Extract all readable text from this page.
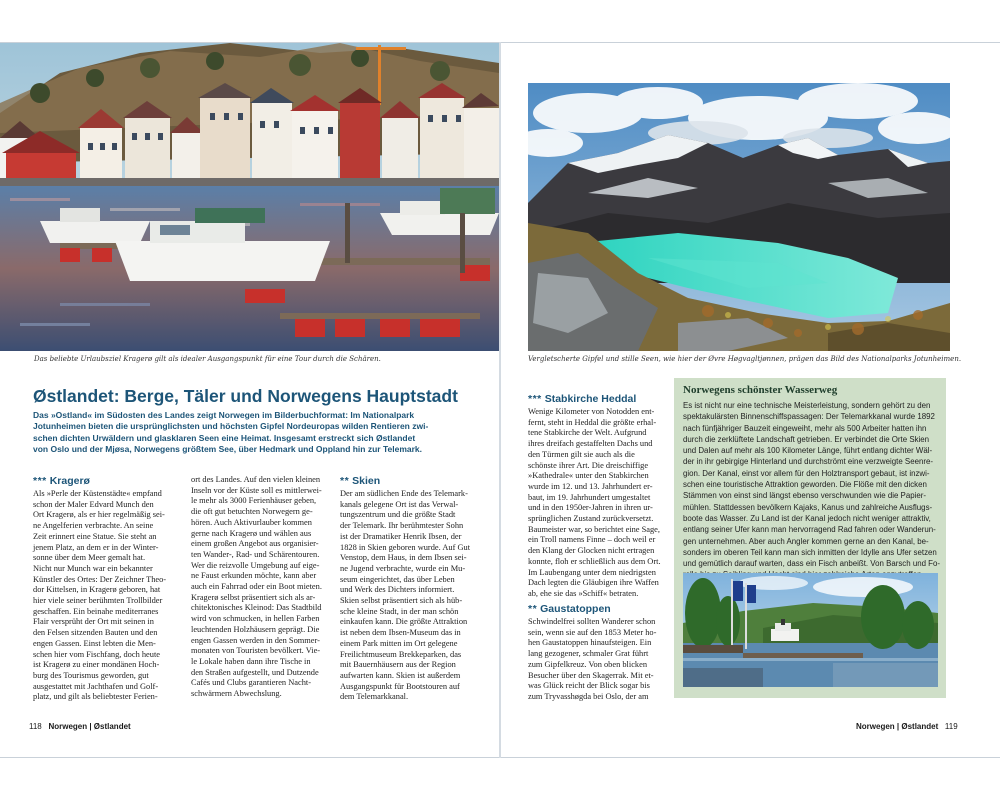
Das beliebte Urlaubsziel Kragerø gilt als idealer Ausgangspunkt für eine Tour durch die Schären.
Østlandet: Berge, Täler und Norwegens Hauptstadt
Das »Ostland« im Südosten des Landes zeigt Norwegen im Bilderbuchformat: Im Nationalpark
Jotunheimen bieten die ursprünglichsten und höchsten Gipfel Nordeuropas wilden Rentieren zwi-
schen dichten Urwäldern und glasklaren Seen eine Heimat. Insgesamt erstreckt sich Østlandet
von Oslo und der Mjøsa, Norwegens größtem See, über Hedmark und Oppland hin zur Telemark.
*** Kragerø
Als »Perle der Küstenstädte« empfand
schon der Maler Edvard Munch den
Ort Kragerø, als er hier regelmäßig sei-
ne Angelferien verbrachte. An seine
Zeit erinnert eine Statue. Sie steht an
jenem Platz, an dem er in der Winter-
sonne über dem Meer gemalt hat.
Nicht nur Munch war ein bekannter
Künstler des Ortes: Der Zeichner Theo-
dor Kittelsen, in Kragerø geboren, hat
hier viele seiner berühmten Trollbilder
geschaffen. Ein beinahe mediterranes
Flair versprüht der Ort mit seinen in
den Felsen sitzenden Bauten und den
engen Gassen. Einst lebten die Men-
schen hier vom Fischfang, doch heute
ist Kragerø zu einer mondänen Hoch-
burg des Tourismus geworden, gut
ausgestattet mit Jachthafen und Golf-
platz, und gilt als beliebtester Ferien-
ort des Landes. Auf den vielen kleinen
Inseln vor der Küste soll es mittlerwei-
le mehr als 3000 Ferienhäuser geben,
die oft gut betuchten Norwegern ge-
hören. Auch Aktivurlauber kommen
gerne nach Kragerø und wählen aus
einem großen Angebot aus organisier-
ten Wander-, Rad- und Schärentouren.
Wer die reizvolle Umgebung auf eige-
ne Faust erkunden möchte, kann aber
auch ein Fahrrad oder ein Boot mieten.
Kragerø selbst präsentiert sich als ar-
chitektonisches Kleinod: Das Stadtbild
wird von schmucken, in hellen Farben
leuchtenden Holzhäusern geprägt. Die
engen Gassen werden in den Sommer-
monaten von Touristen bevölkert. Vie-
le Lokale haben dann ihre Tische in
den Straßen aufgestellt, und Dutzende
Cafés und Clubs garantieren Nacht-
schwärmern Abwechslung.
** Skien
Der am südlichen Ende des Telemark-
kanals gelegene Ort ist das Verwal-
tungszentrum und die größte Stadt
der Telemark. Ihr berühmtester Sohn
ist der Dramatiker Henrik Ibsen, der
1828 in Skien geboren wurde. Auf Gut
Venstop, dem Haus, in dem Ibsen sei-
ne Jugend verbrachte, wurde ein Mu-
seum eingerichtet, das über Leben
und Werk des Dichters informiert.
Skien selbst präsentiert sich als hüb-
sche kleine Stadt, in der man schön
einkaufen kann. Die größte Attraktion
ist neben dem Ibsen-Museum das in
einem Park mitten im Ort gelegene
Freilichtmuseum Brekkeparken, das
mit Bauernhäusern aus der Region
aufwarten kann. Skien ist außerdem
Ausgangspunkt für Bootstouren auf
dem Telemarkkanal.
118 Norwegen | Østlandet
Vergletscherte Gipfel und stille Seen, wie hier der Øvre Høgvagltjønnen, prägen das Bild des Nationalparks Jotunheimen.
*** Stabkirche Heddal
Wenige Kilometer von Notodden ent-
fernt, steht in Heddal die größte erhal-
tene Stabkirche der Welt. Aufgrund
ihres dreifach gestaffelten Dachs und
den Türmen gilt sie auch als die
schönste ihrer Art. Die dreischiffige
»Kathedrale« unter den Stabkirchen
wurde im 12. und 13. Jahrhundert er-
baut, im 19. Jahrhundert umgestaltet
und in den 1950er-Jahren in ihren ur-
sprünglichen Zustand zurückversetzt.
Baumeister war, so berichtet eine Sage,
ein Troll namens Finne – doch weil er
den Klang der Glocken nicht ertragen
konnte, floh er schließlich aus dem Ort.
Im Laubengang unter dem niedrigsten
Dach legten die Gläubigen ihre Waffen
ab, ehe sie das »Schiff« betraten.
** Gaustatoppen
Schwindelfrei sollten Wanderer schon
sein, wenn sie auf den 1853 Meter ho-
hen Gaustatoppen hinaufsteigen. Ein
lang gezogener, schmaler Grat führt
zum Gipfelkreuz. Von oben blicken
Besucher über den Skagerrak. Mit et-
was Glück reicht der Blick sogar bis
zum Tryvasshøgda bei Oslo, der am
Norwegens schönster Wasserweg
Es ist nicht nur eine technische Meisterleistung, sondern gehört zu den
spektakulärsten Binnenschiffspassagen: Der Telemarkkanal wurde 1892
nach fünfjähriger Bauzeit eingeweiht, mehr als 500 Arbeiter hatten ihn
durch die zerklüftete Landschaft getrieben. Er verbindet die Orte Skien
und Dalen auf mehr als 100 Kilometer Länge, führt entlang dichter Wäl-
der in ihr gebirgige Hinterland und durchströmt eine verzweigte Seenre-
gion. Der Kanal, einst vor allem für den Holztransport gebaut, ist inzwi-
schen eine touristische Attraktion geworden. Die Flöße mit den dicken
Stämmen von einst sind längst ebenso verschwunden wie die Papier-
mühlen. Stattdessen bevölkern Kajaks, Kanus und zahlreiche Ausflugs-
boote das Wasser. Zu Land ist der Kanal jedoch nicht weniger attraktiv,
entlang seiner Ufer kann man hervorragend Rad fahren oder Wanderun-
gen unternehmen. Aber auch Angler kommen gerne an den Kanal, be-
sonders im oberen Teil kann man sich inmitten der Idylle ans Ufer setzen
und gemütlich darauf warten, dass ein Fisch anbeißt. Von Barsch und Fo-
Norwegen | Østlandet 119
